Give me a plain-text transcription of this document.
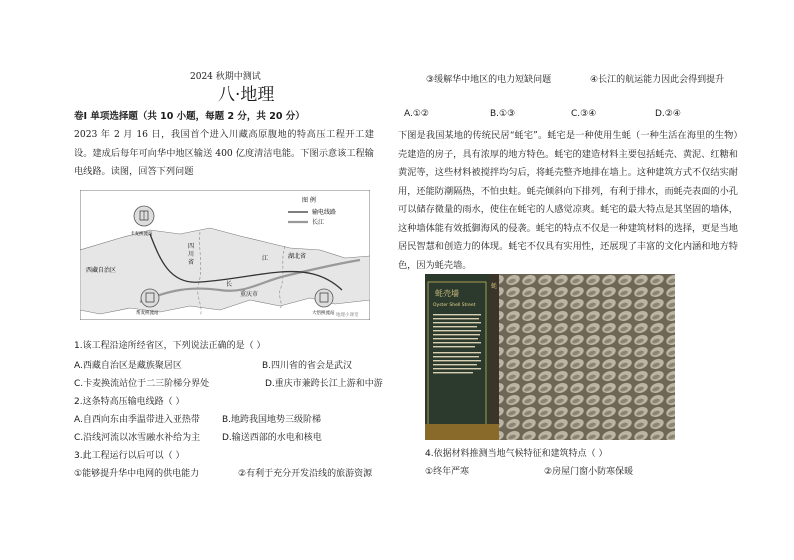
2024 秋期中测试
八·地理
卷Ⅰ 单项选择题（共 10 小题，每题 2 分，共 20 分）
2023 年 2 月 16 日，我国首个进入川藏高原腹地的特高压工程开工建设。建成后每年可向华中地区输送 400 亿度清洁电能。下图示意该工程输电线路。读图，回答下列问题
图 例
输电线路
长江
西藏自治区
四
川
省
湖北省
江
长
重庆市
卡麦换流站
帮麦换流站	大悟换流站 地理小课堂
1.该工程沿途所经省区，下列说法正确的是（ ）
A.西藏自治区是藏族聚居区	B.四川省的省会是武汉
C.卡麦换流站位于二三阶梯分界处	D.重庆市兼跨长江上游和中游
2.这条特高压输电线路（ ）
A.自西向东由季温带进入亚热带 B.地跨我国地势三级阶梯
C.沿线河流以冰雪融水补给为主 D.输送西部的水电和核电
3.此工程运行以后可以（ ）
①能够提升华中电网的供电能力	②有利于充分开发沿线的旅游资源
③缓解华中地区的电力短缺问题	④长江的航运能力因此会得到提升
A.①②	B.①③	C.③④	D.②④
下图是我国某地的传统民居“蚝宅”。蚝宅是一种使用生蚝（一种生活在海里的生物）壳建造的房子，具有浓厚的地方特色。蚝宅的建造材料主要包括蚝壳、黄泥、红糖和黄泥等，这些材料被搅拌均匀后，将蚝壳整齐地排在墙上。这种建筑方式不仅结实耐用，还能防潮隔热，不怕虫蛀。蚝壳倾斜向下排列，有利于排水，而蚝壳表面的小孔可以储存微量的雨水，使住在蚝宅的人感觉凉爽。蚝宅的最大特点是其坚固的墙体，这种墙体能有效抵御海风的侵袭。蚝宅的特点不仅是一种建筑材料的选择，更是当地居民智慧和创造力的体现。蚝宅不仅具有实用性，还展现了丰富的文化内涵和地方特色，因为蚝壳墙。
蚝壳墙
Oyster Shell Street
蚝
4.依据材料推测当地气候特征和建筑特点（ ）
①终年严寒	②房屋门窗小防寒保暖
